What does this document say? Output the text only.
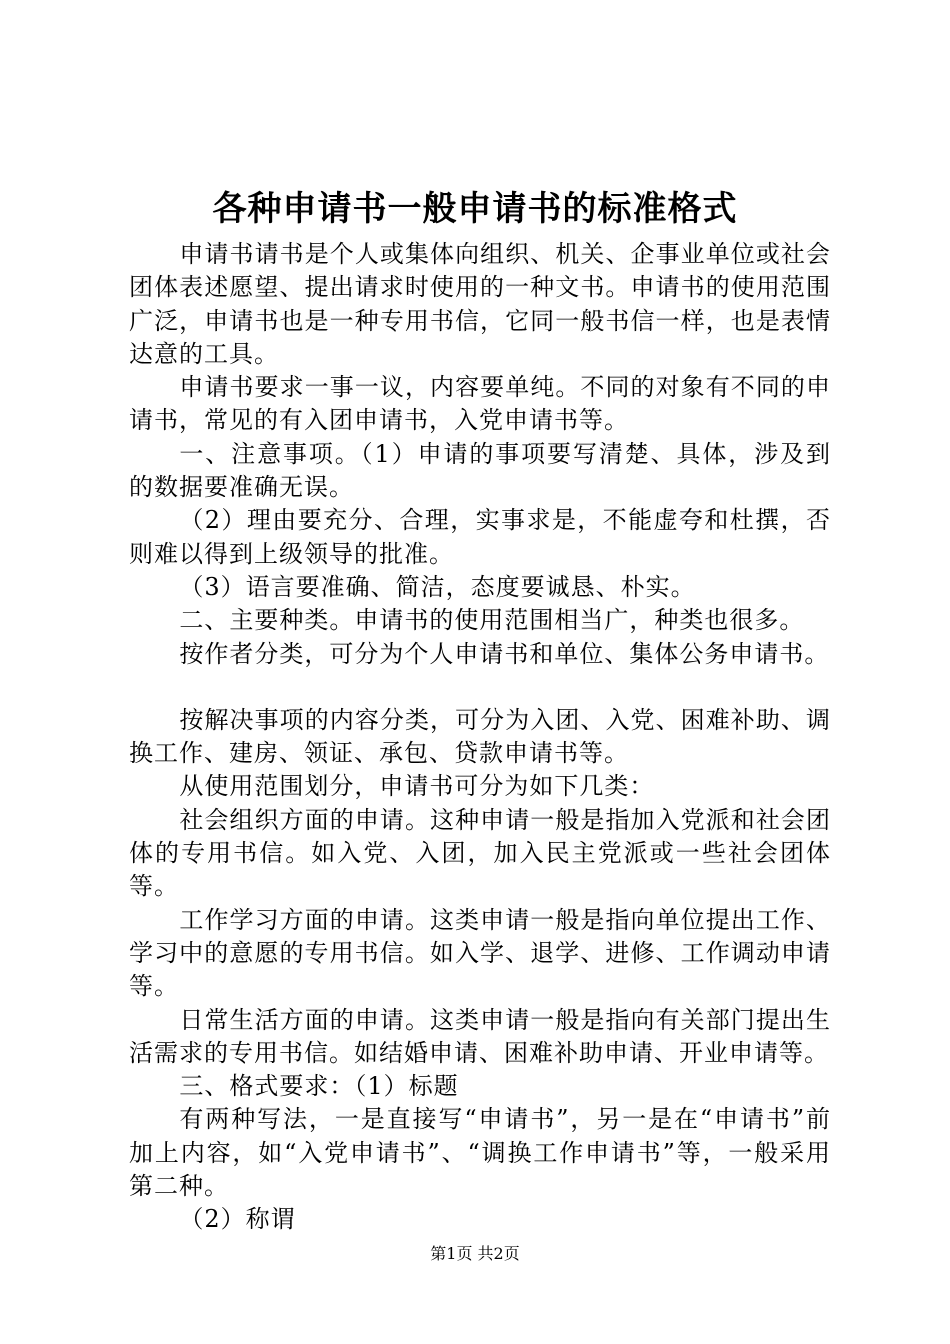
各种申请书一般申请书的标准格式

申请书请书是个人或集体向组织、机关、企事业单位或社会团体表述愿望、提出请求时使用的一种文书。申请书的使用范围广泛，申请书也是一种专用书信，它同一般书信一样，也是表情达意的工具。

申请书要求一事一议，内容要单纯。不同的对象有不同的申请书，常见的有入团申请书，入党申请书等。

一、注意事项。（1）申请的事项要写清楚、具体，涉及到的数据要准确无误。

（2）理由要充分、合理，实事求是，不能虚夸和杜撰，否则难以得到上级领导的批准。

（3）语言要准确、简洁，态度要诚恳、朴实。

二、主要种类。申请书的使用范围相当广，种类也很多。

按作者分类，可分为个人申请书和单位、集体公务申请书。

按解决事项的内容分类，可分为入团、入党、困难补助、调换工作、建房、领证、承包、贷款申请书等。

从使用范围划分，申请书可分为如下几类：

社会组织方面的申请。这种申请一般是指加入党派和社会团体的专用书信。如入党、入团，加入民主党派或一些社会团体等。

工作学习方面的申请。这类申请一般是指向单位提出工作、学习中的意愿的专用书信。如入学、退学、进修、工作调动申请等。

日常生活方面的申请。这类申请一般是指向有关部门提出生活需求的专用书信。如结婚申请、困难补助申请、开业申请等。

三、格式要求：（1）标题

有两种写法，一是直接写“申请书”，另一是在“申请书”前加上内容，如“入党申请书”、“调换工作申请书”等，一般采用第二种。

（2）称谓

第1页 共2页
